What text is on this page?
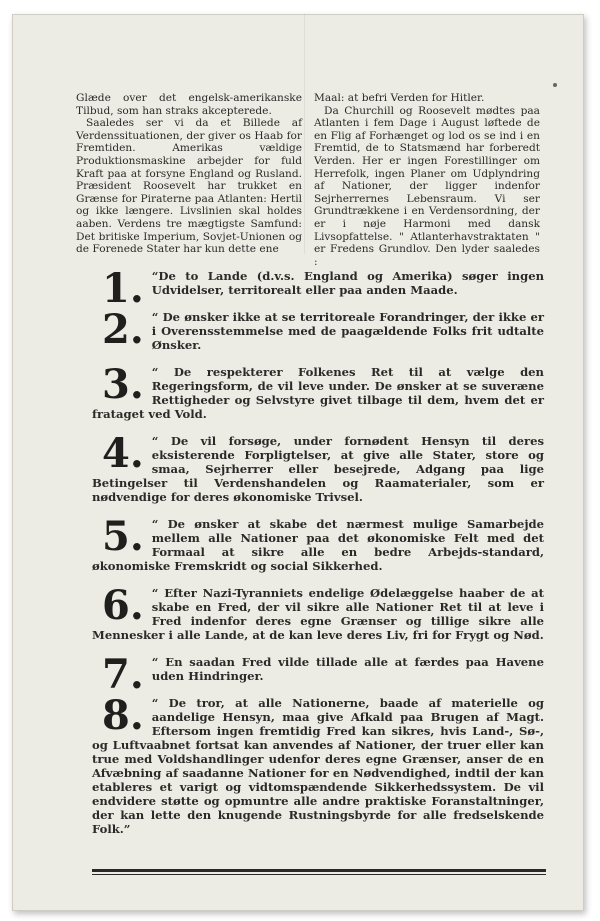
Glæde over det engelsk-amerikanske Tilbud, som han straks akcepterede.

Saaledes ser vi da et Billede af Verdenssituationen, der giver os Haab for Fremtiden. Amerikas vældige Produktionsmaskine arbejder for fuld Kraft paa at forsyne England og Rusland. Præsident Roosevelt har trukket en Grænse for Piraterne paa Atlanten: Hertil og ikke længere. Livslinien skal holdes aaben. Verdens tre mægtigste Samfund: Det britiske Imperium, Sovjet-Unionen og de Forenede Stater har kun dette ene

Maal: at befri Verden for Hitler.

Da Churchill og Roosevelt mødtes paa Atlanten i fem Dage i August løftede de en Flig af Forhænget og lod os se ind i en Fremtid, de to Statsmænd har forberedt Verden. Her er ingen Forestillinger om Herrefolk, ingen Planer om Udplyndring af Nationer, der ligger indenfor Sejrherrernes Lebensraum. Vi ser Grundtrækkene i en Verdensordning, der er i nøje Harmoni med dansk Livsopfattelse. " Atlanterhavstraktaten " er Fredens Grundlov. Den lyder saaledes :

1. “De to Lande (d.v.s. England og Amerika) søger ingen Udvidelser, territorealt eller paa anden Maade.
2. “ De ønsker ikke at se territoreale Forandringer, der ikke er i Overensstemmelse med de paagældende Folks frit udtalte Ønsker.
3. “ De respekterer Folkenes Ret til at vælge den Regeringsform, de vil leve under. De ønsker at se suveræne Rettigheder og Selvstyre givet tilbage til dem, hvem det er frataget ved Vold.
4. “ De vil forsøge, under fornødent Hensyn til deres eksisterende Forpligtelser, at give alle Stater, store og smaa, Sejrherrer eller besejrede, Adgang paa lige Betingelser til Verdenshandelen og Raamaterialer, som er nødvendige for deres økonomiske Trivsel.
5. “ De ønsker at skabe det nærmest mulige Samarbejde mellem alle Nationer paa det økonomiske Felt med det Formaal at sikre alle en bedre Arbejds-standard, økonomiske Fremskridt og social Sikkerhed.
6. “ Efter Nazi-Tyranniets endelige Ødelæggelse haaber de at skabe en Fred, der vil sikre alle Nationer Ret til at leve i Fred indenfor deres egne Grænser og tillige sikre alle Mennesker i alle Lande, at de kan leve deres Liv, fri for Frygt og Nød.
7. “ En saadan Fred vilde tillade alle at færdes paa Havene uden Hindringer.
8. “ De tror, at alle Nationerne, baade af materielle og aandelige Hensyn, maa give Afkald paa Brugen af Magt. Eftersom ingen fremtidig Fred kan sikres, hvis Land-, Sø-, og Luftvaabnet fortsat kan anvendes af Nationer, der truer eller kan true med Voldshandlinger udenfor deres egne Grænser, anser de en Afvæbning af saadanne Nationer for en Nødvendighed, indtil der kan etableres et varigt og vidtomspændende Sikkerhedssystem. De vil endvidere støtte og opmuntre alle andre praktiske Foranstaltninger, der kan lette den knugende Rustningsbyrde for alle fredselskende Folk.”
